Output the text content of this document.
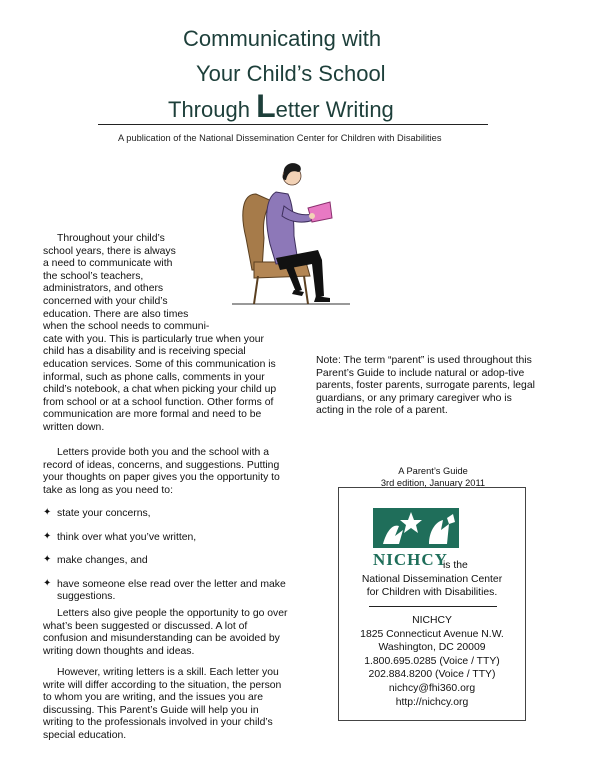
Communicating with
Your Child’s School
Through Letter Writing
A publication of the National Dissemination Center for Children with Disabilities
Throughout your child’s
school years, there is always
a need to communicate with
the school’s teachers,
administrators, and others
concerned with your child’s
education. There are also times
when the school needs to communi-
cate with you. This is particularly true when your
child has a disability and is receiving special
education services. Some of this communication is
informal, such as phone calls, comments in your
child’s notebook, a chat when picking your child up
from school or at a school function. Other forms of
communication are more formal and need to be
written down.

Letters provide both you and the school with a record of ideas, concerns, and suggestions. Putting your thoughts on paper gives you the opportunity to take as long as you need to:

✦ state your concerns,
✦ think over what you’ve written,
✦ make changes, and
✦ have someone else read over the letter and make suggestions.

Letters also give people the opportunity to go over what’s been suggested or discussed. A lot of confusion and misunderstanding can be avoided by writing down thoughts and ideas.

However, writing letters is a skill. Each letter you write will differ according to the situation, the person to whom you are writing, and the issues you are discussing. This Parent’s Guide will help you in writing to the professionals involved in your child’s special education.

Note: The term “parent” is used throughout this Parent’s Guide to include natural or adop-tive parents, foster parents, surrogate parents, legal guardians, or any primary caregiver who is acting in the role of a parent.
A Parent’s Guide
3rd edition, January 2011
NICHCY
is the
National Dissemination Center
for Children with Disabilities.
NICHCY
1825 Connecticut Avenue N.W.
Washington, DC 20009
1.800.695.0285 (Voice / TTY)
202.884.8200 (Voice / TTY)
nichcy@fhi360.org
http://nichcy.org
